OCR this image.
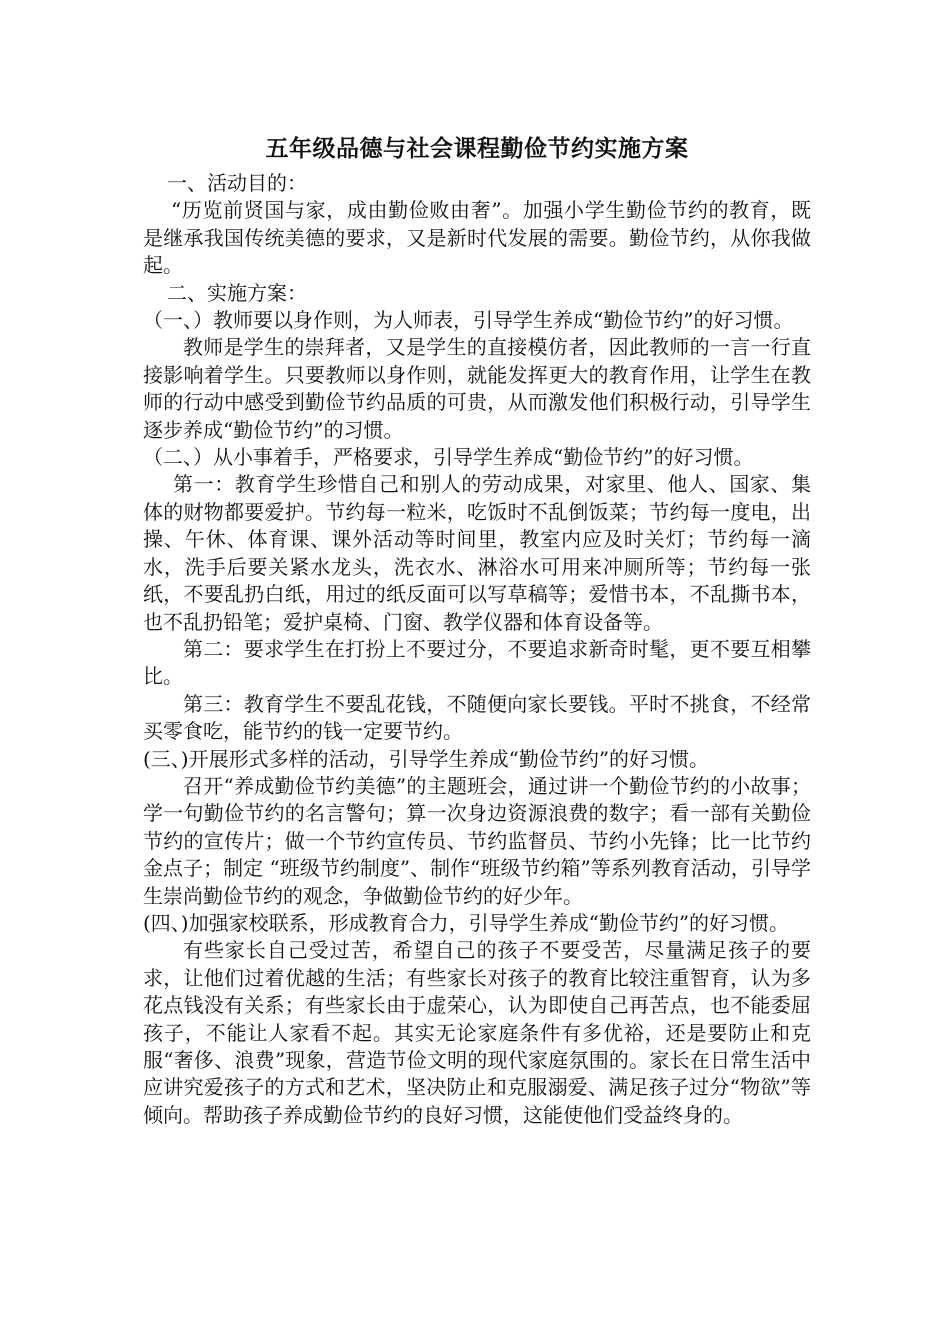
五年级品德与社会课程勤俭节约实施方案

一、活动目的：

“历览前贤国与家，成由勤俭败由奢”。加强小学生勤俭节约的教育，既是继承我国传统美德的要求，又是新时代发展的需要。勤俭节约，从你我做起。

二、实施方案：

（一、）教师要以身作则，为人师表，引导学生养成“勤俭节约”的好习惯。

教师是学生的崇拜者，又是学生的直接模仿者，因此教师的一言一行直接影响着学生。只要教师以身作则，就能发挥更大的教育作用，让学生在教师的行动中感受到勤俭节约品质的可贵，从而激发他们积极行动，引导学生逐步养成“勤俭节约”的习惯。

（二、）从小事着手，严格要求，引导学生养成“勤俭节约”的好习惯。

第一：教育学生珍惜自己和别人的劳动成果，对家里、他人、国家、集体的财物都要爱护。节约每一粒米，吃饭时不乱倒饭菜；节约每一度电，出操、午休、体育课、课外活动等时间里，教室内应及时关灯；节约每一滴水，洗手后要关紧水龙头，洗衣水、淋浴水可用来冲厕所等；节约每一张纸，不要乱扔白纸，用过的纸反面可以写草稿等；爱惜书本，不乱撕书本，也不乱扔铅笔；爱护桌椅、门窗、教学仪器和体育设备等。

第二：要求学生在打扮上不要过分，不要追求新奇时髦，更不要互相攀比。

第三：教育学生不要乱花钱，不随便向家长要钱。平时不挑食，不经常买零食吃，能节约的钱一定要节约。

(三、)开展形式多样的活动，引导学生养成“勤俭节约”的好习惯。

召开“养成勤俭节约美德”的主题班会，通过讲一个勤俭节约的小故事；学一句勤俭节约的名言警句；算一次身边资源浪费的数字；看一部有关勤俭节约的宣传片；做一个节约宣传员、节约监督员、节约小先锋；比一比节约金点子；制定 “班级节约制度”、制作“班级节约箱”等系列教育活动，引导学生崇尚勤俭节约的观念，争做勤俭节约的好少年。

(四、)加强家校联系，形成教育合力，引导学生养成“勤俭节约”的好习惯。

有些家长自己受过苦，希望自己的孩子不要受苦，尽量满足孩子的要求，让他们过着优越的生活；有些家长对孩子的教育比较注重智育，认为多花点钱没有关系；有些家长由于虚荣心，认为即使自己再苦点，也不能委屈孩子，不能让人家看不起。其实无论家庭条件有多优裕，还是要防止和克服“奢侈、浪费”现象，营造节俭文明的现代家庭氛围的。家长在日常生活中应讲究爱孩子的方式和艺术，坚决防止和克服溺爱、满足孩子过分“物欲”等倾向。帮助孩子养成勤俭节约的良好习惯，这能使他们受益终身的。
